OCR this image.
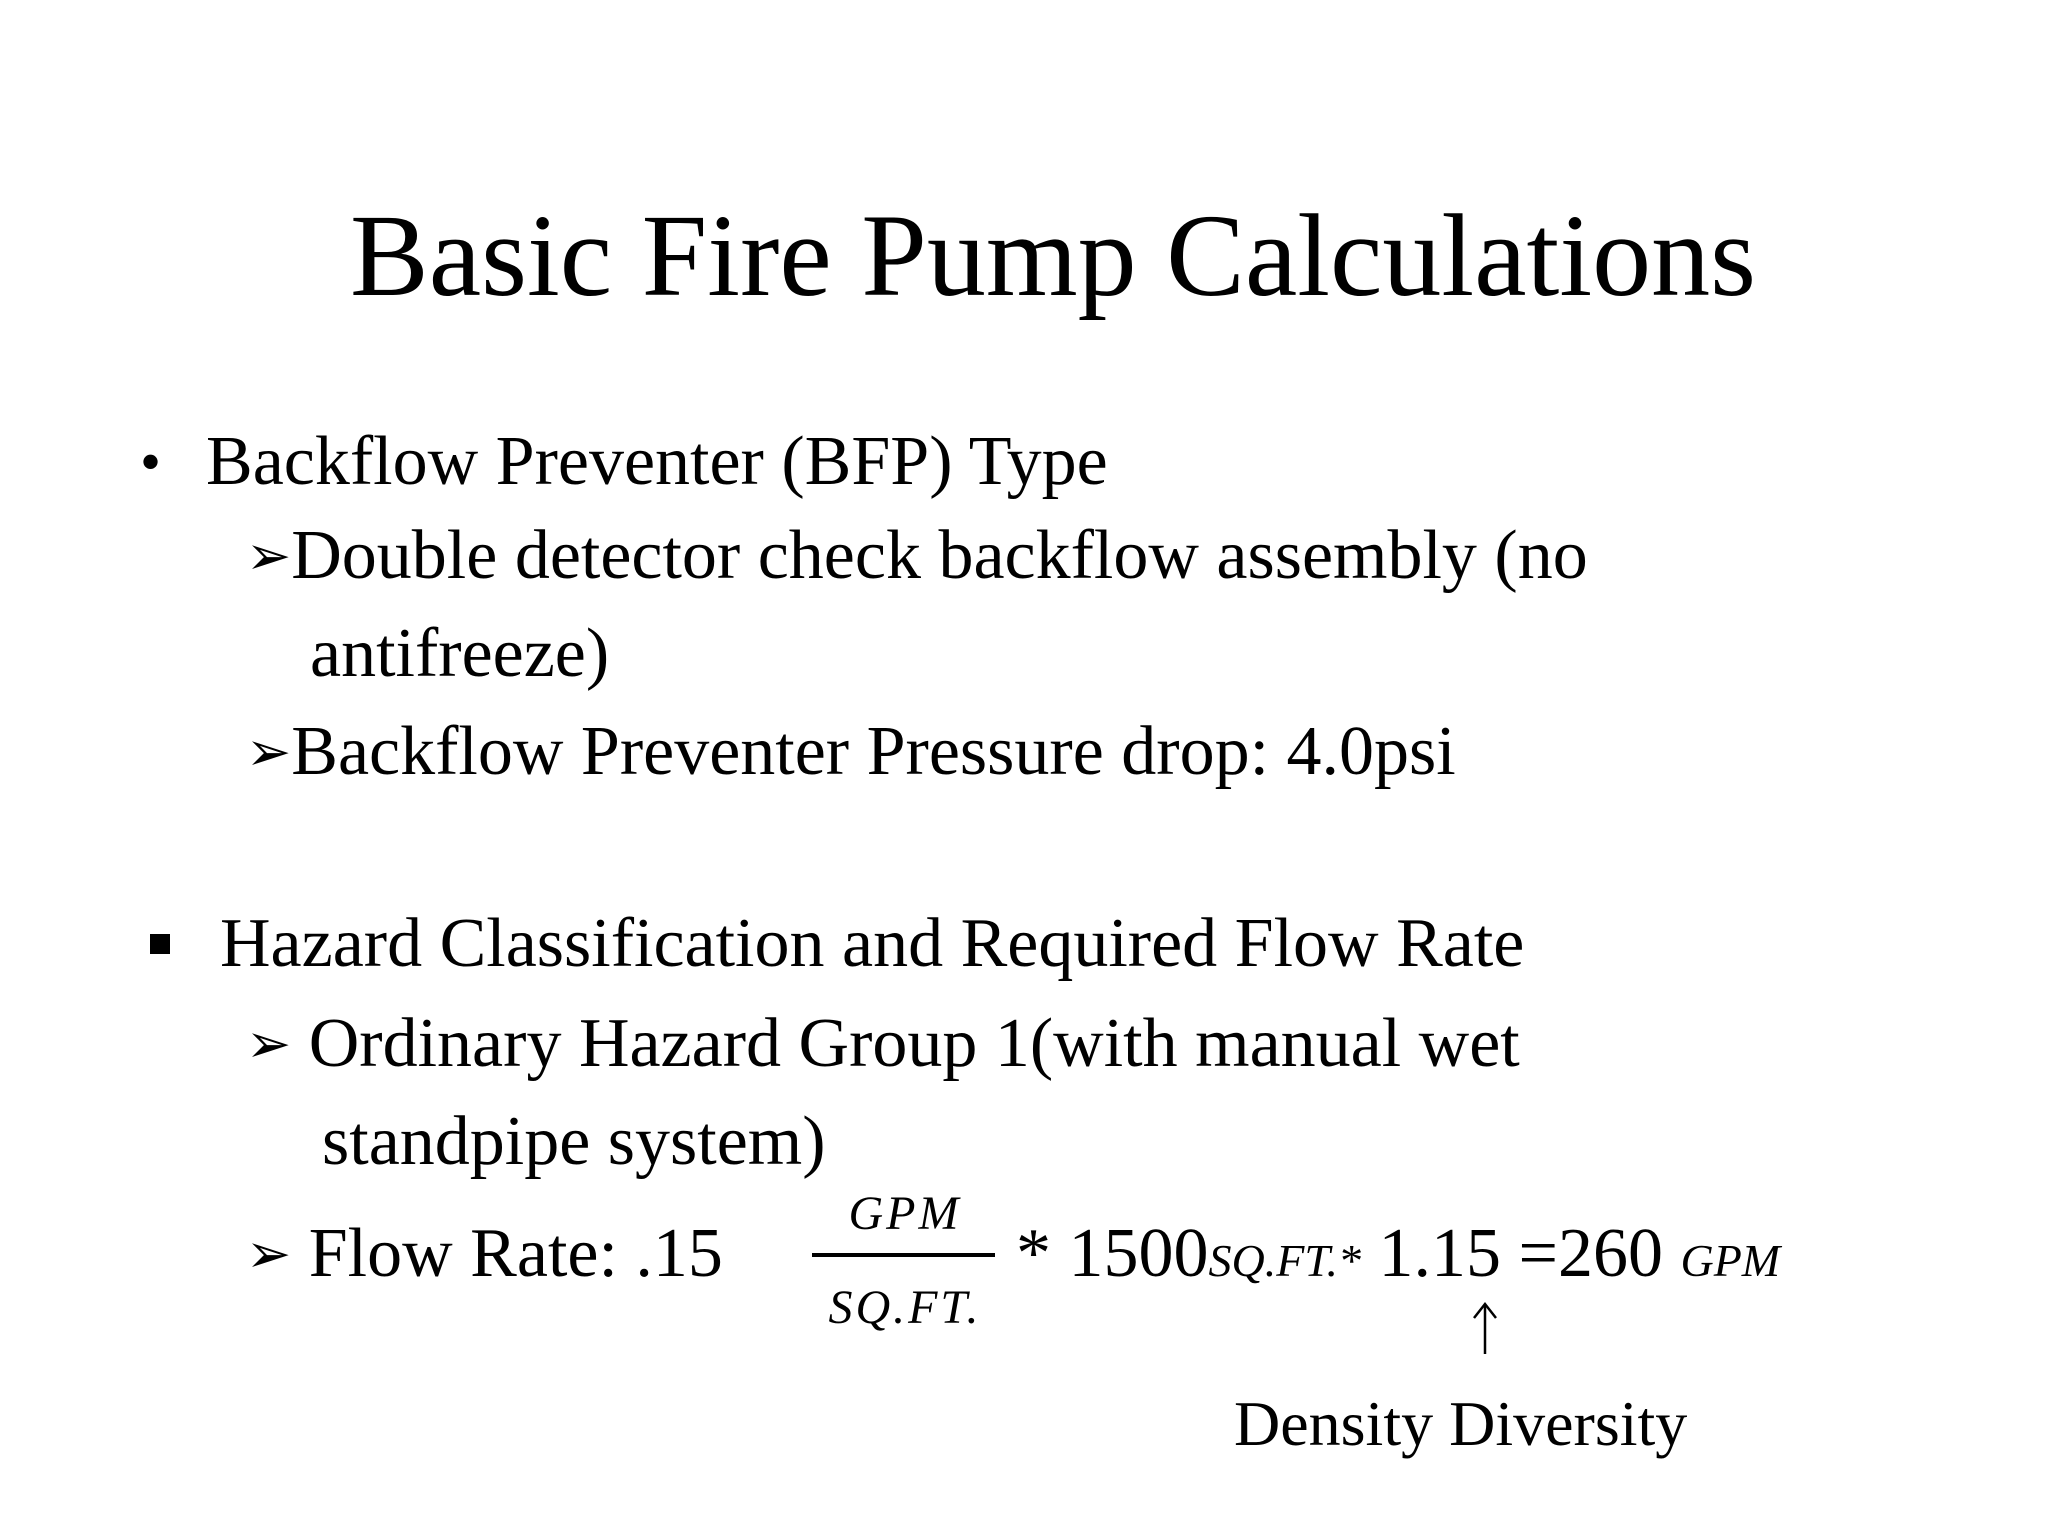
Basic Fire Pump Calculations
• Backflow Preventer (BFP) Type
➢Double detector check backflow assembly (no
antifreeze)
➢Backflow Preventer Pressure drop: 4.0psi
Hazard Classification and Required Flow Rate
➢ Ordinary Hazard Group 1(with manual wet
standpipe system)
➢ Flow Rate: .15
GPM
SQ.FT.
* 1500SQ.FT.* 1.15 =260 GPM
Density Diversity
